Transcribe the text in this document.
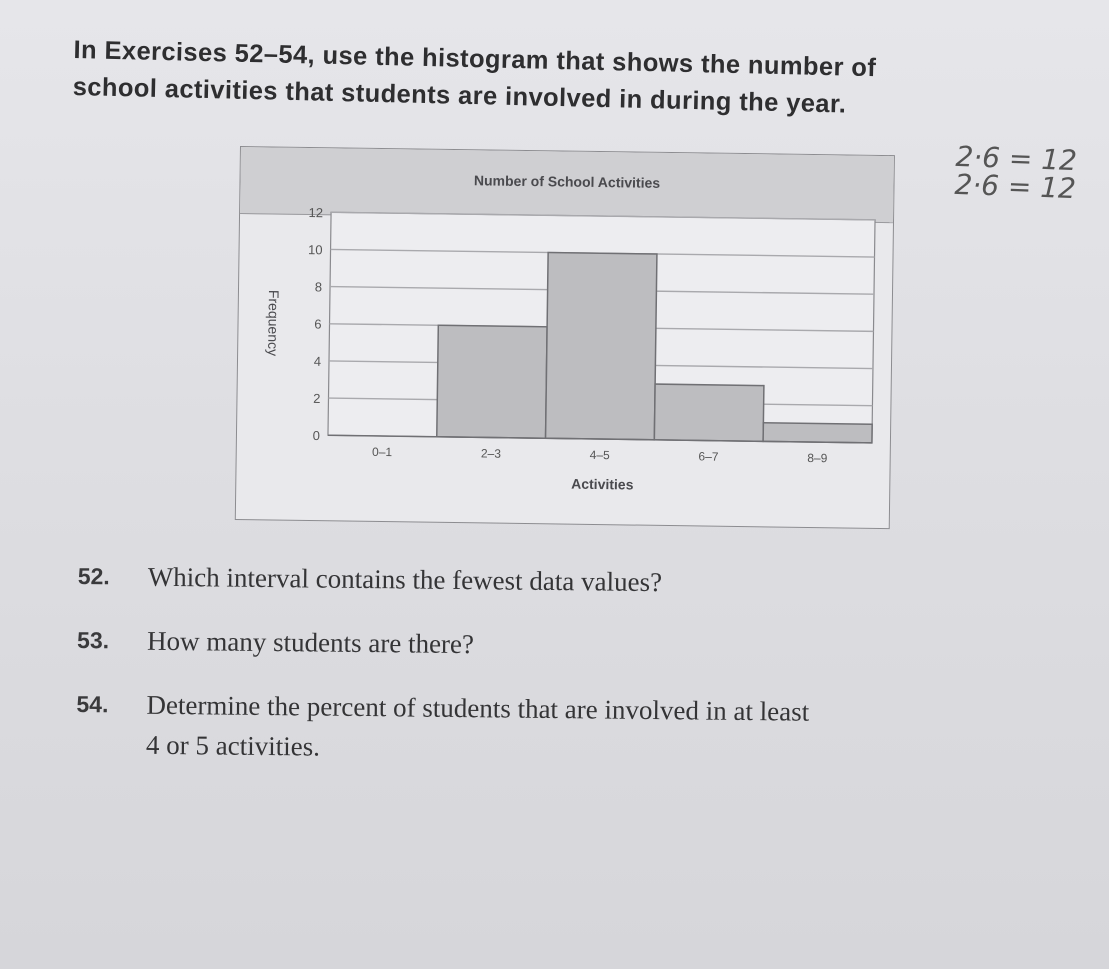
In Exercises 52–54, use the histogram that shows the number of
school activities that students are involved in during the year.
2·6 = 12
2·6 = 12
Number of School Activities
0
2
4
6
8
10
12
0–1	2–3	4–5	6–7	8–9
Activities
Frequency
52. Which interval contains the fewest data values?
53. How many students are there?
54. Determine the percent of students that are involved in at least
4 or 5 activities.
